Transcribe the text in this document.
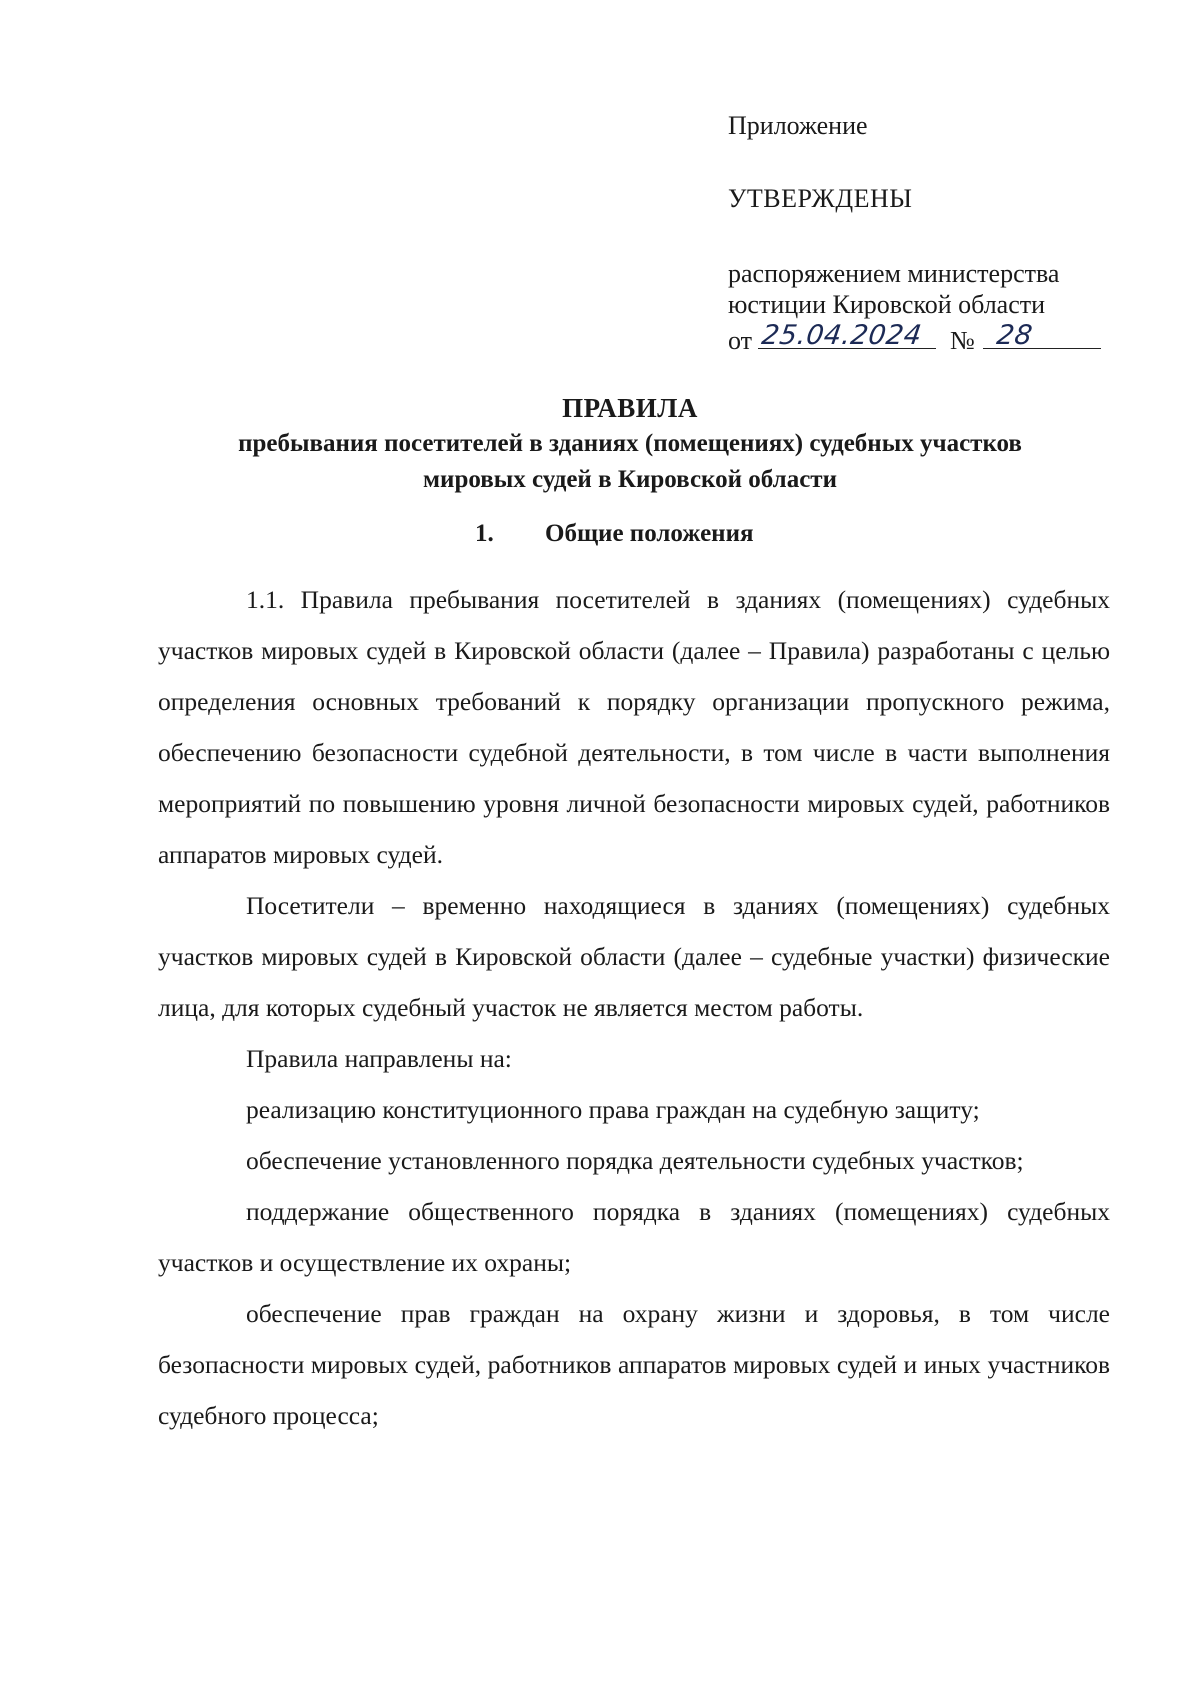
Приложение
УТВЕРЖДЕНЫ
распоряжением министерства
юстиции Кировской области
от 25.04.2024 № 28
ПРАВИЛА
пребывания посетителей в зданиях (помещениях) судебных участков
мировых судей в Кировской области
1. Общие положения

1.1. Правила пребывания посетителей в зданиях (помещениях) судебных участков мировых судей в Кировской области (далее – Правила) разработаны с целью определения основных требований к порядку организации пропускного режима, обеспечению безопасности судебной деятельности, в том числе в части выполнения мероприятий по повышению уровня личной безопасности мировых судей, работников аппаратов мировых судей.

Посетители – временно находящиеся в зданиях (помещениях) судебных участков мировых судей в Кировской области (далее – судебные участки) физические лица, для которых судебный участок не является местом работы.

Правила направлены на:

реализацию конституционного права граждан на судебную защиту;

обеспечение установленного порядка деятельности судебных участков;

поддержание общественного порядка в зданиях (помещениях) судебных участков и осуществление их охраны;

обеспечение прав граждан на охрану жизни и здоровья, в том числе безопасности мировых судей, работников аппаратов мировых судей и иных участников судебного процесса;
